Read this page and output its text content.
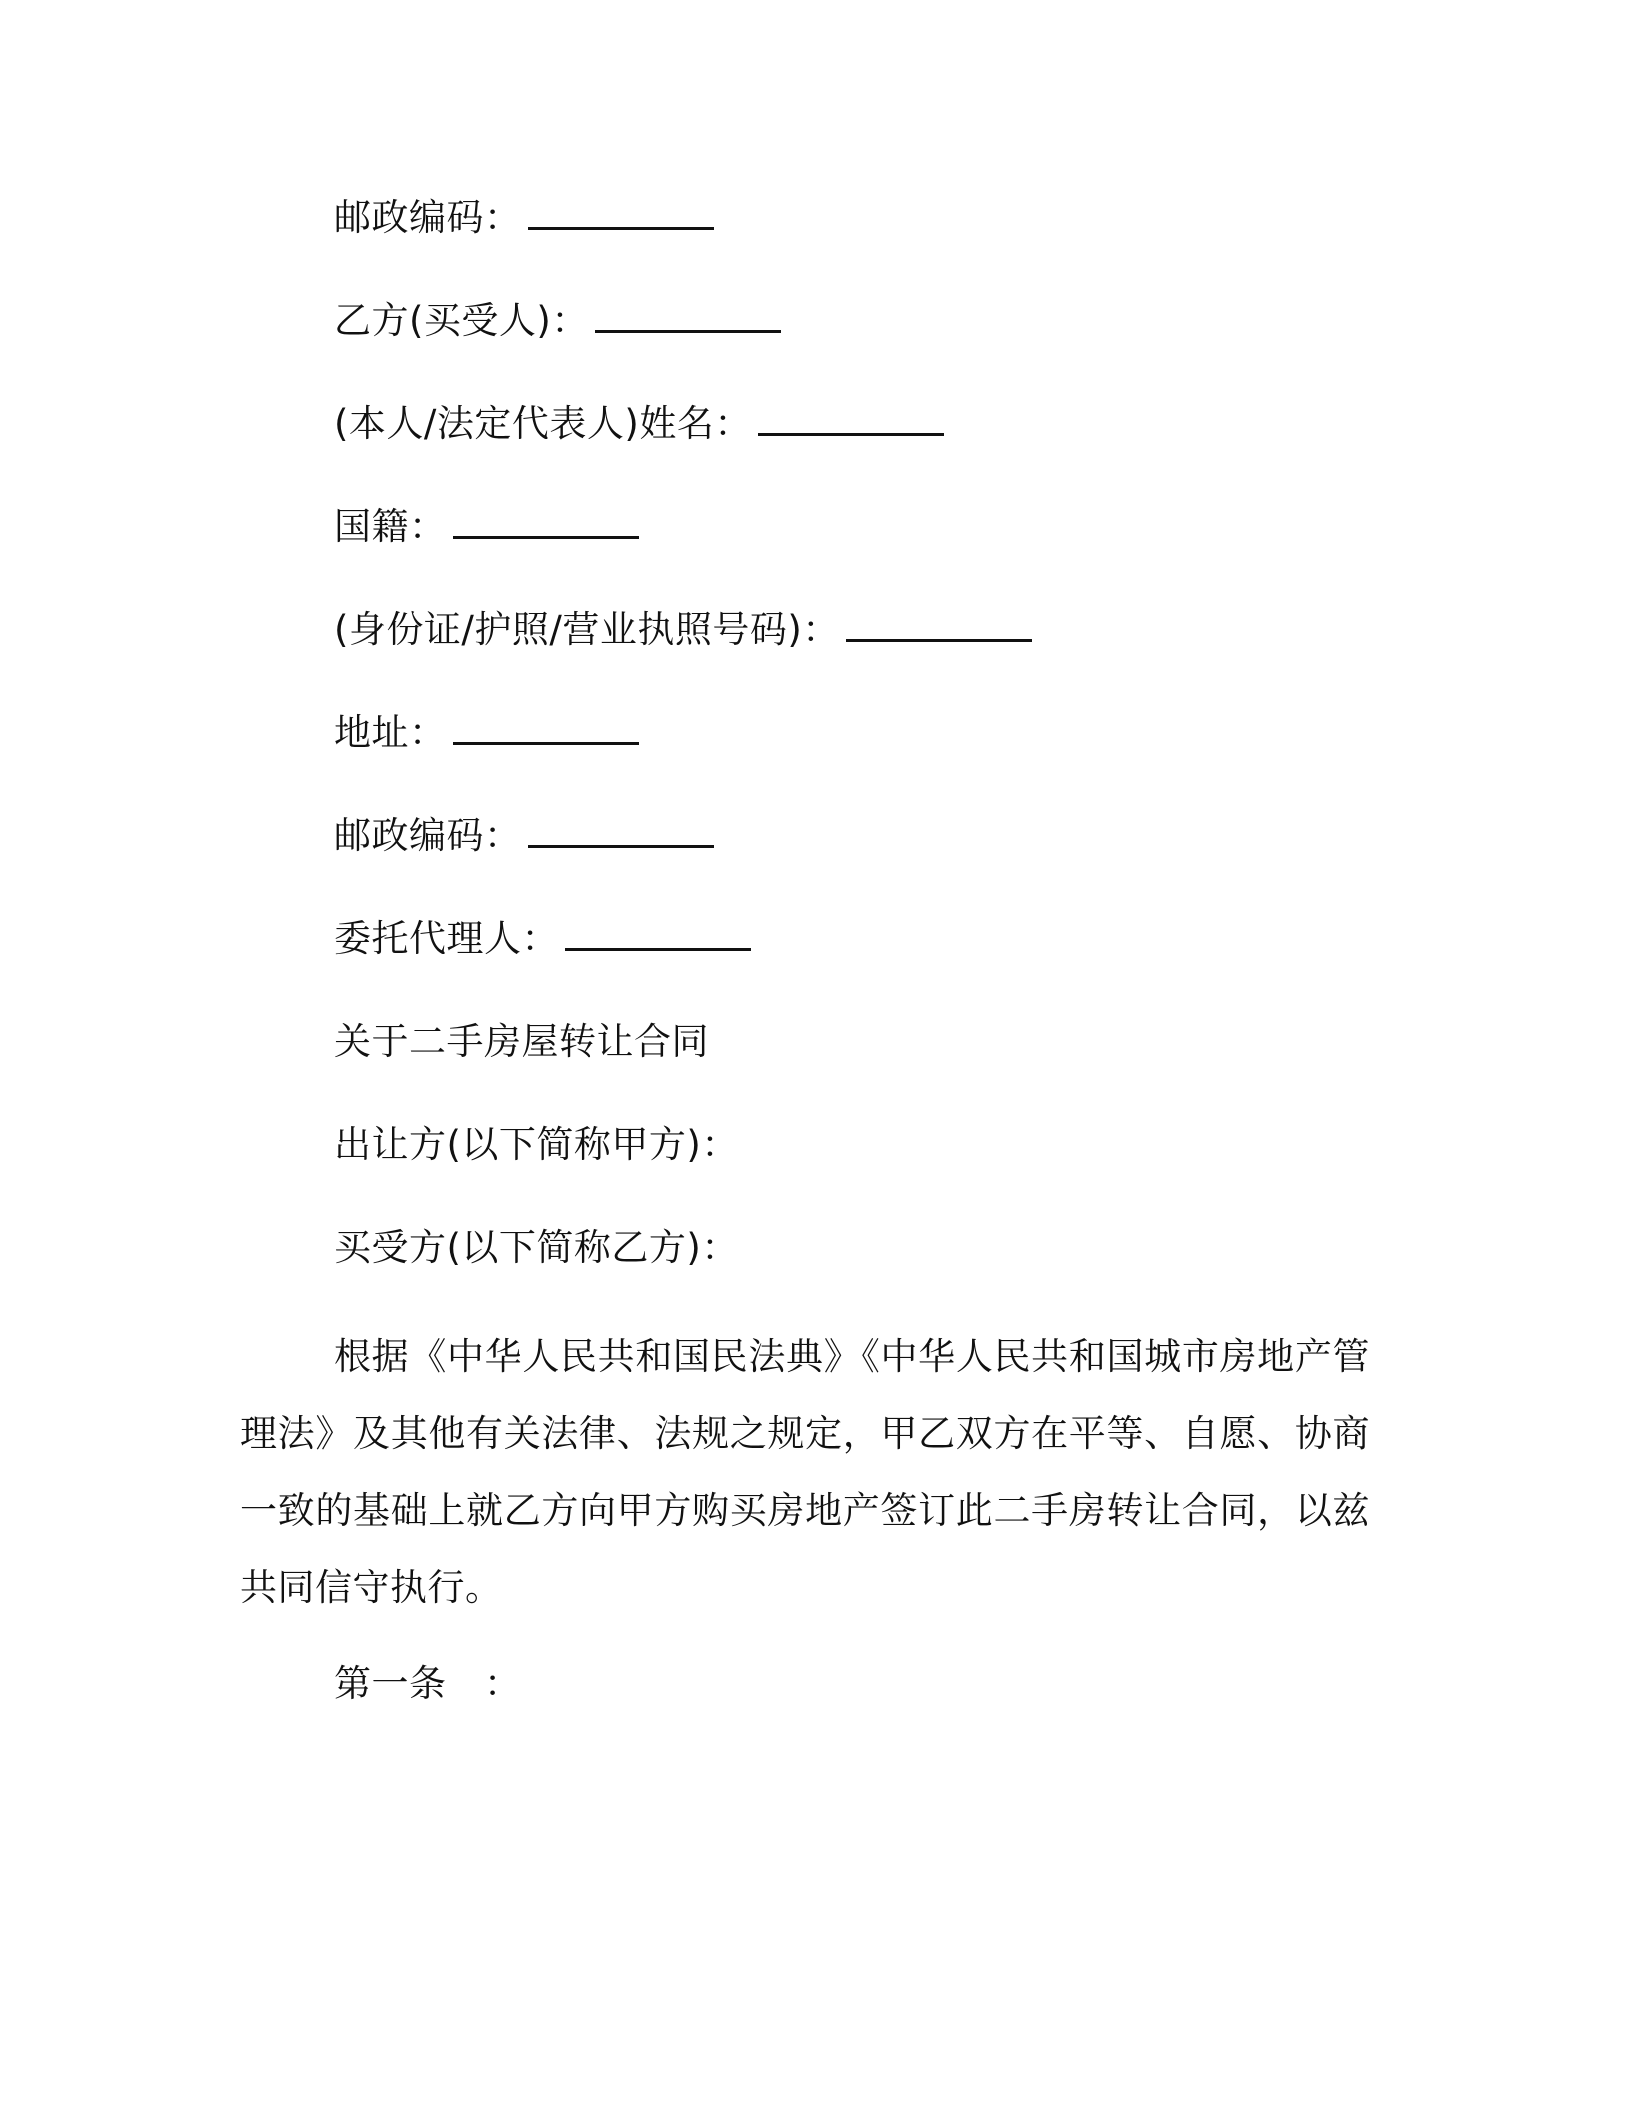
邮政编码：
乙方(买受人)：
(本人/法定代表人)姓名：
国籍：
(身份证/护照/营业执照号码)：
地址：
邮政编码：
委托代理人：
关于二手房屋转让合同
出让方(以下简称甲方)：
买受方(以下简称乙方)：
根据《中华人民共和国民法典》《中华人民共和国城市房地产管理法》及其他有关法律、法规之规定，甲乙双方在平等、自愿、协商一致的基础上就乙方向甲方购买房地产签订此二手房转让合同，以兹共同信守执行。
第一条　：
